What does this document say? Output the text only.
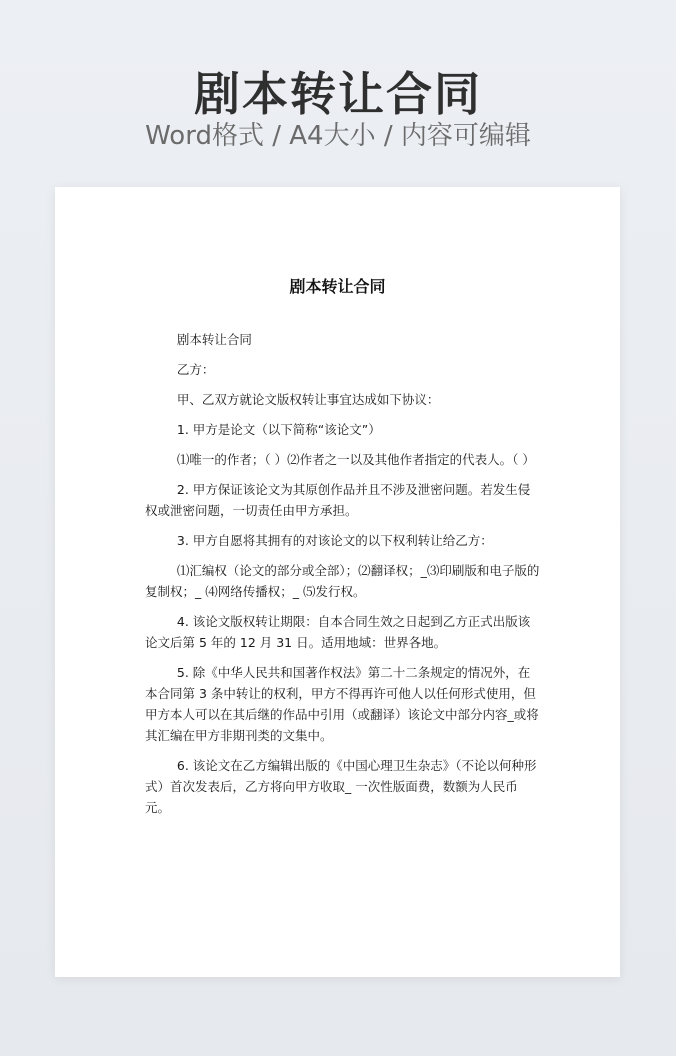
剧本转让合同
Word格式 / A4大小 / 内容可编辑
剧本转让合同

剧本转让合同

乙方：

甲、乙双方就论文版权转让事宜达成如下协议：

1. 甲方是论文（以下简称“该论文”）

⑴唯一的作者；（ ）⑵作者之一以及其他作者指定的代表人。（ ）

2. 甲方保证该论文为其原创作品并且不涉及泄密问题。若发生侵权或泄密问题，一切责任由甲方承担。

3. 甲方自愿将其拥有的对该论文的以下权利转让给乙方：

⑴汇编权（论文的部分或全部）；⑵翻译权；_⑶印刷版和电子版的复制权；_ ⑷网络传播权；_ ⑸发行权。

4. 该论文版权转让期限：自本合同生效之日起到乙方正式出版该论文后第 5 年的 12 月 31 日。适用地域：世界各地。

5. 除《中华人民共和国著作权法》第二十二条规定的情况外，在本合同第 3 条中转让的权利，甲方不得再许可他人以任何形式使用，但甲方本人可以在其后继的作品中引用（或翻译）该论文中部分内容_或将其汇编在甲方非期刊类的文集中。

6. 该论文在乙方编辑出版的《中国心理卫生杂志》（不论以何种形式）首次发表后，乙方将向甲方收取_ 一次性版面费，数额为人民币元。
